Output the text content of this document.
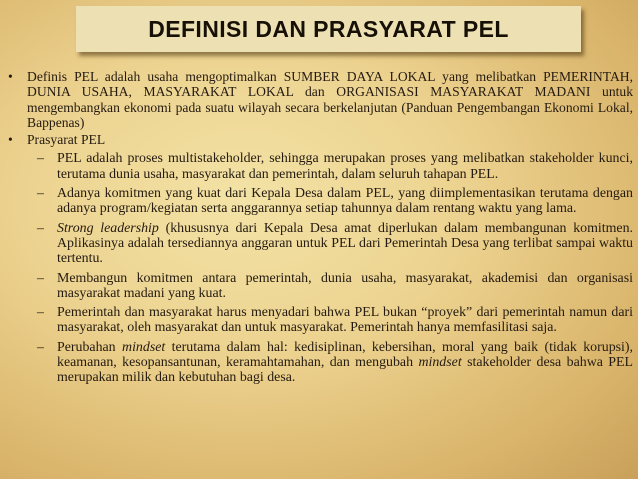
DEFINISI DAN PRASYARAT PEL
• Definis PEL adalah usaha mengoptimalkan SUMBER DAYA LOKAL yang melibatkan PEMERINTAH, DUNIA USAHA, MASYARAKAT LOKAL dan ORGANISASI MASYARAKAT MADANI untuk mengembangkan ekonomi pada suatu wilayah secara berkelanjutan (Panduan Pengembangan Ekonomi Lokal, Bappenas)
• Prasyarat PEL
– PEL adalah proses multistakeholder, sehingga merupakan proses yang melibatkan stakeholder kunci, terutama dunia usaha, masyarakat dan pemerintah, dalam seluruh tahapan PEL.
– Adanya komitmen yang kuat dari Kepala Desa dalam PEL, yang diimplementasikan terutama dengan adanya program/kegiatan serta anggarannya setiap tahunnya dalam rentang waktu yang lama.
– Strong leadership (khususnya dari Kepala Desa amat diperlukan dalam membangunan komitmen. Aplikasinya adalah tersediannya anggaran untuk PEL dari Pemerintah Desa yang terlibat sampai waktu tertentu.
– Membangun komitmen antara pemerintah, dunia usaha, masyarakat, akademisi dan organisasi masyarakat madani yang kuat.
– Pemerintah dan masyarakat harus menyadari bahwa PEL bukan “proyek” dari pemerintah namun dari masyarakat, oleh masyarakat dan untuk masyarakat. Pemerintah hanya memfasilitasi saja.
– Perubahan mindset terutama dalam hal: kedisiplinan, kebersihan, moral yang baik (tidak korupsi), keamanan, kesopansantunan, keramahtamahan, dan mengubah mindset stakeholder desa bahwa PEL merupakan milik dan kebutuhan bagi desa.
